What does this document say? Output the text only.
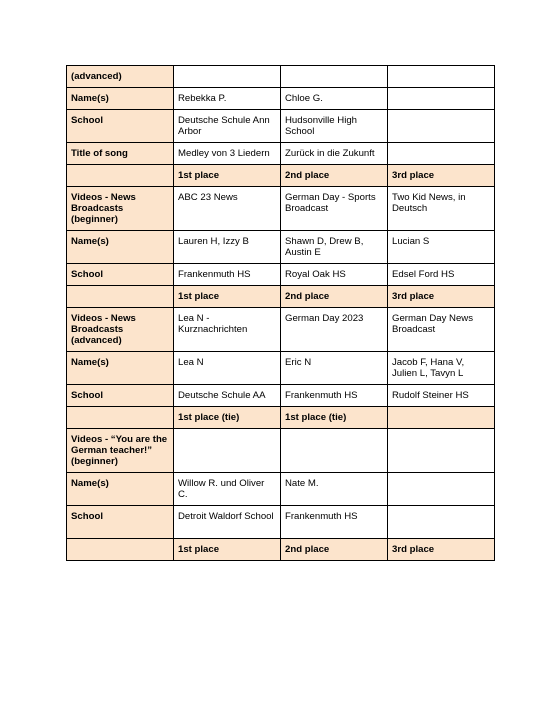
(advanced)			
Name(s)	Rebekka P.	Chloe G.	
School	Deutsche Schule Ann Arbor	Hudsonville High School	
Title of song	Medley von 3 Liedern	Zurück in die Zukunft	
	1st place	2nd place	3rd place
Videos - News Broadcasts (beginner)	ABC 23 News	German Day - Sports Broadcast	Two Kid News, in Deutsch
Name(s)	Lauren H, Izzy B	Shawn D, Drew B, Austin E	Lucian S
School	Frankenmuth HS	Royal Oak HS	Edsel Ford HS
	1st place	2nd place	3rd place
Videos - News Broadcasts (advanced)	Lea N - Kurznachrichten	German Day 2023	German Day News Broadcast
Name(s)	Lea N	Eric N	Jacob F, Hana V, Julien L, Tavyn L
School	Deutsche Schule AA	Frankenmuth HS	Rudolf Steiner HS
	1st place (tie)	1st place (tie)	
Videos - “You are the German teacher!” (beginner)			
Name(s)	Willow R. und Oliver C.	Nate M.	
School	Detroit Waldorf School	Frankenmuth HS	
	1st place	2nd place	3rd place
